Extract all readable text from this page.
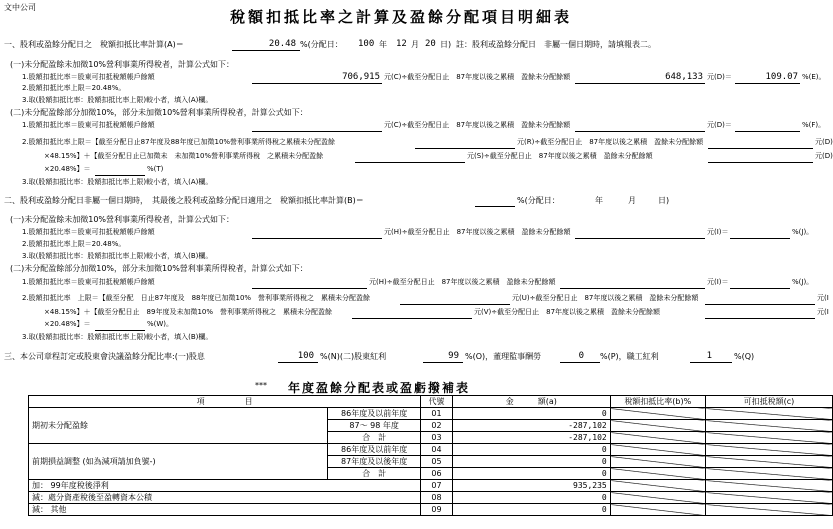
文中公司
稅額扣抵比率之計算及盈餘分配項目明細表
一、股利或盈餘分配日之　稅額扣抵比率計算(A)＝	20.48 %(分配日： 100 年 12 月 20 日) 註：股利或盈餘分配日　非屬一個日期時，請填報表二。
(一)未分配盈餘未加徵10%營利事業所得稅者，計算公式如下：
1.股額扣抵比率＝股東可扣抵稅額帳戶餘額	706,915 元(C)÷截至分配日止　87年度以後之累積　盈餘未分配餘額	648,133 元(D)＝	109.07 %(E)。
2.股額扣抵比率上限＝20.48%。
3.取(股額扣抵比率：股額扣抵比率上限)較小者，填入(A)欄。
(二)未分配盈餘部分加徵10%，部分未加徵10%營利事業所得稅者，計算公式如下：
1.股額扣抵比率＝股東可扣抵稅額帳戶餘額	元(C)÷截至分配日止　87年度以後之累積　盈餘未分配餘額	元(D)＝	%(F)。
2.股額扣抵比率上限＝【截至分配日止87年度及88年度已加徵10%營利事業所得稅之累積未分配盈餘	元(R)÷截至分配日止　87年度以後之累積　盈餘未分配餘額	元(D)
×48.15%】＋【截至分配日止已加徵未　未加徵10%營利事業所得稅　之累積未分配盈餘	元(S)÷截至分配日止　87年度以後之累積　盈餘未分配餘額	元(D)
×20.48%】＝	%(T)
3.取(股額扣抵比率：股額扣抵比率上限)較小者，填入(A)欄。
二、股利或盈餘分配日非屬一個日期時，　其最後之股利或盈餘分配日適用之　稅額扣抵比率計算(B)＝	%(分配日：	年	月	日)
(一)未分配盈餘未加徵10%營利事業所得稅者，計算公式如下：
1.股額扣抵比率＝股東可扣抵稅額帳戶餘額	元(H)÷截至分配日止　87年度以後之累積　盈餘未分配餘額	元(I)＝	%(J)。
2.股額扣抵比率上限＝20.48%。
3.取(股額扣抵比率：股額扣抵比率上限)較小者，填入(B)欄。
(二)未分配盈餘部分加徵10%，部分未加徵10%營利事業所得稅者，計算公式如下：
1.股額扣抵比率＝股東可扣抵稅額帳戶餘額	元(H)÷截至分配日止　87年度以後之累積　盈餘未分配餘額	元(I)＝	%(J)。
2.股額扣抵比率　上限＝【截至分配　日止87年度及　88年度已加徵10%　營利事業所得稅之　累積未分配盈餘	元(U)÷截至分配日止　87年度以後之累積　盈餘未分配餘額	元(I
×48.15%】＋【截至分配日止　89年度及未加徵10%　營利事業所得稅之　累積未分配盈餘	元(V)÷截至分配日止　87年度以後之累積　盈餘未分配餘額	元(I
×20.48%】＝	%(W)。
3.取(股額扣抵比率：股額扣抵比率上限)較小者，填入(B)欄。
三、本公司章程訂定或股東會決議盈餘分配比率:(一)股息	100 %(N)(二)股東紅利	99 %(O)，董理監事酬勞	0 %(P)，職工紅利	1	%(Q)
*** 年度盈餘分配表或盈虧撥補表
項　　　　　目		代號	金　　　額(a)	稅額扣抵比率(b)%	可扣抵稅額(c)
期初未分配盈餘	86年度及以前年度	01	0		
	87～ 98 年度	02	-287,102		
	合　計	03	-287,102		
前期損益調整 (如為減項請加負號-)	86年度及以前年度	04	0		
	87年度及以後年度	05	0		
	合　計	06	0		
加： 99年度稅後淨利		07	935,235		
減：處分資產稅後至盈轉資本公積		08	0		
減： 其他		09	0		
